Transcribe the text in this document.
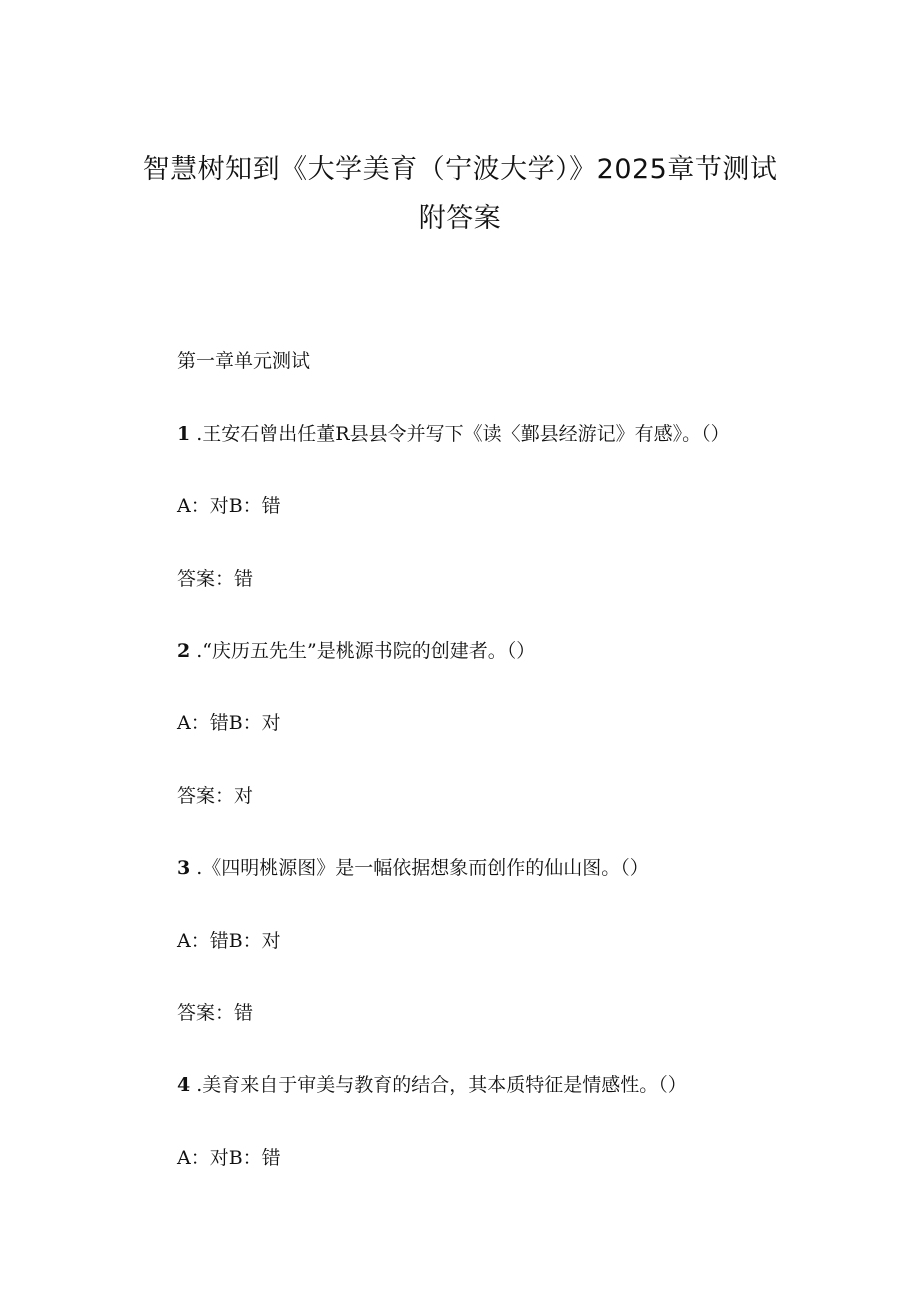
智慧树知到《大学美育（宁波大学）》2025章节测试
附答案
第一章单元测试
1 .王安石曾出任董R县县令并写下《读〈鄞县经游记》有感》。（）
A：对B：错
答案：错
2 .“庆历五先生”是桃源书院的创建者。（）
A：错B：对
答案：对
3 .《四明桃源图》是一幅依据想象而创作的仙山图。（）
A：错B：对
答案：错
4 .美育来自于审美与教育的结合，其本质特征是情感性。（）
A：对B：错
